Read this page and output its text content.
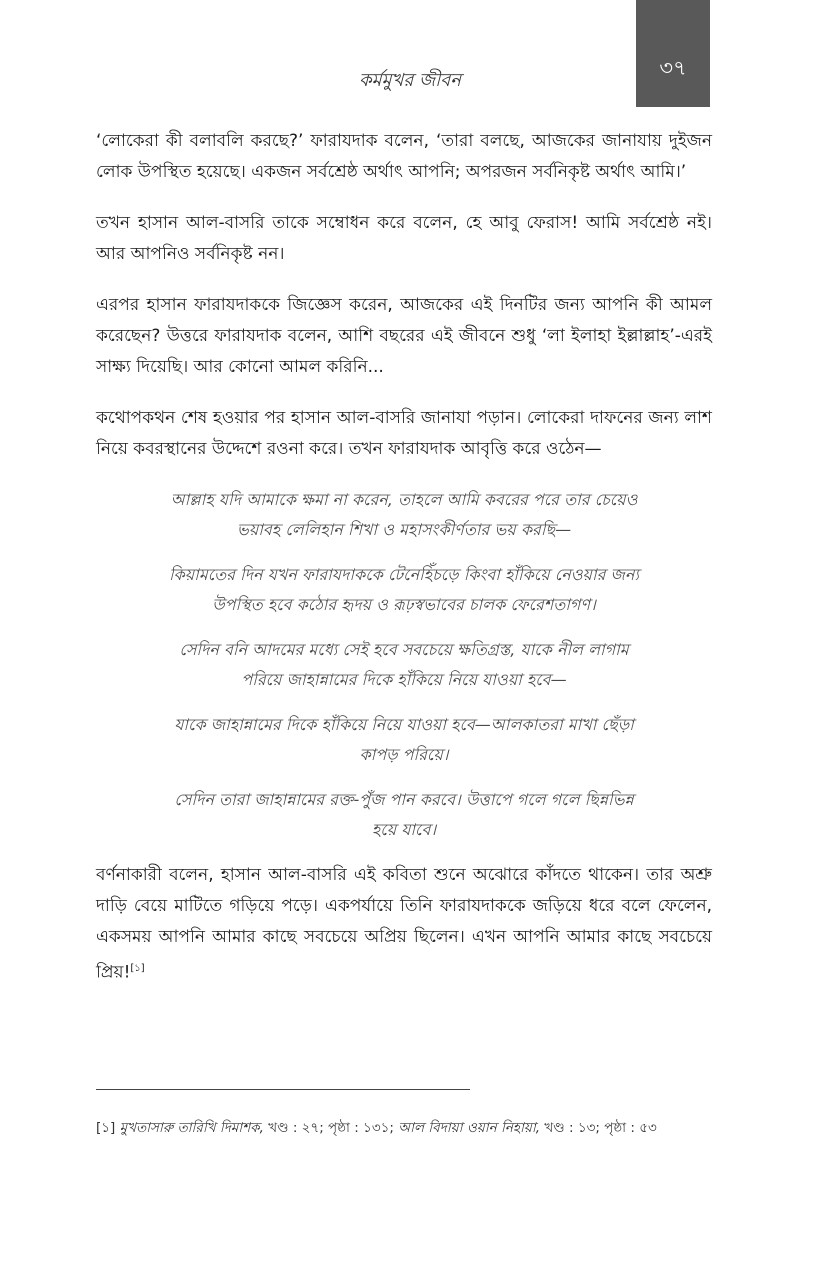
৩৭
কর্মমুখর জীবন

‘লোকেরা কী বলাবলি করছে?’ ফারাযদাক বলেন, ‘তারা বলছে, আজকের জানাযায় দুইজন লোক উপস্থিত হয়েছে। একজন সর্বশ্রেষ্ঠ অর্থাৎ আপনি; অপরজন সর্বনিকৃষ্ট অর্থাৎ আমি।’

তখন হাসান আল-বাসরি তাকে সম্বোধন করে বলেন, হে আবু ফেরাস! আমি সর্বশ্রেষ্ঠ নই। আর আপনিও সর্বনিকৃষ্ট নন।

এরপর হাসান ফারাযদাককে জিজ্ঞেস করেন, আজকের এই দিনটির জন্য আপনি কী আমল করেছেন? উত্তরে ফারাযদাক বলেন, আশি বছরের এই জীবনে শুধু ‘লা ইলাহা ইল্লাল্লাহ’-এরই সাক্ষ্য দিয়েছি। আর কোনো আমল করিনি...

কথোপকথন শেষ হওয়ার পর হাসান আল-বাসরি জানাযা পড়ান। লোকেরা দাফনের জন্য লাশ নিয়ে কবরস্থানের উদ্দেশে রওনা করে। তখন ফারাযদাক আবৃত্তি করে ওঠেন—

আল্লাহ যদি আমাকে ক্ষমা না করেন, তাহলে আমি কবরের পরে তার চেয়েও
ভয়াবহ লেলিহান শিখা ও মহাসংকীর্ণতার ভয় করছি—

কিয়ামতের দিন যখন ফারাযদাককে টেনেহিঁচড়ে কিংবা হাঁকিয়ে নেওয়ার জন্য
উপস্থিত হবে কঠোর হৃদয় ও রূঢ়স্বভাবের চালক ফেরেশতাগণ।

সেদিন বনি আদমের মধ্যে সেই হবে সবচেয়ে ক্ষতিগ্রস্ত, যাকে নীল লাগাম
পরিয়ে জাহান্নামের দিকে হাঁকিয়ে নিয়ে যাওয়া হবে—

যাকে জাহান্নামের দিকে হাঁকিয়ে নিয়ে যাওয়া হবে—আলকাতরা মাখা ছেঁড়া
কাপড় পরিয়ে।

সেদিন তারা জাহান্নামের রক্ত-পুঁজ পান করবে। উত্তাপে গলে গলে ছিন্নভিন্ন
হয়ে যাবে।

বর্ণনাকারী বলেন, হাসান আল-বাসরি এই কবিতা শুনে অঝোরে কাঁদতে থাকেন। তার অশ্রু দাড়ি বেয়ে মাটিতে গড়িয়ে পড়ে। একপর্যায়ে তিনি ফারাযদাককে জড়িয়ে ধরে বলে ফেলেন, একসময় আপনি আমার কাছে সবচেয়ে অপ্রিয় ছিলেন। এখন আপনি আমার কাছে সবচেয়ে প্রিয়![১]

[১] মুখতাসারু তারিখি দিমাশক, খণ্ড : ২৭; পৃষ্ঠা : ১৩১; আল বিদায়া ওয়ান নিহায়া, খণ্ড : ১৩; পৃষ্ঠা : ৫৩
